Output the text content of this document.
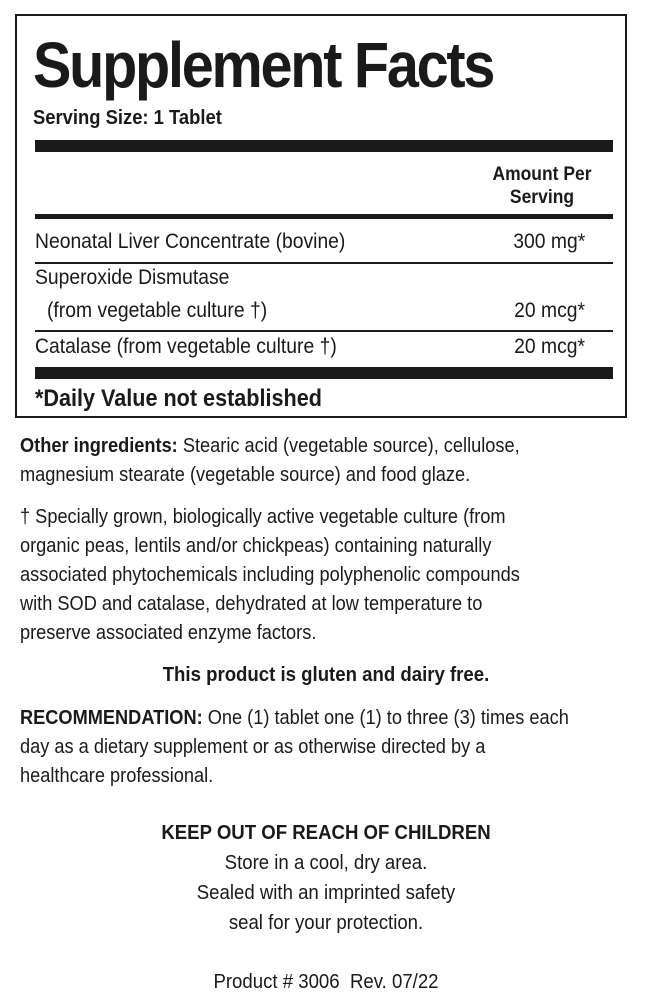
Supplement Facts
Serving Size: 1 Tablet
Amount Per
Serving
Neonatal Liver Concentrate (bovine)	300 mg*
Superoxide Dismutase
(from vegetable culture †)	20 mcg*
Catalase (from vegetable culture †)	20 mcg*
*Daily Value not established

Other ingredients: Stearic acid (vegetable source), cellulose,
magnesium stearate (vegetable source) and food glaze.

† Specially grown, biologically active vegetable culture (from
organic peas, lentils and/or chickpeas) containing naturally
associated phytochemicals including polyphenolic compounds
with SOD and catalase, dehydrated at low temperature to
preserve associated enzyme factors.

This product is gluten and dairy free.

RECOMMENDATION: One (1) tablet one (1) to three (3) times each
day as a dietary supplement or as otherwise directed by a
healthcare professional.

KEEP OUT OF REACH OF CHILDREN
Store in a cool, dry area.
Sealed with an imprinted safety
seal for your protection.
Product # 3006  Rev. 07/22
